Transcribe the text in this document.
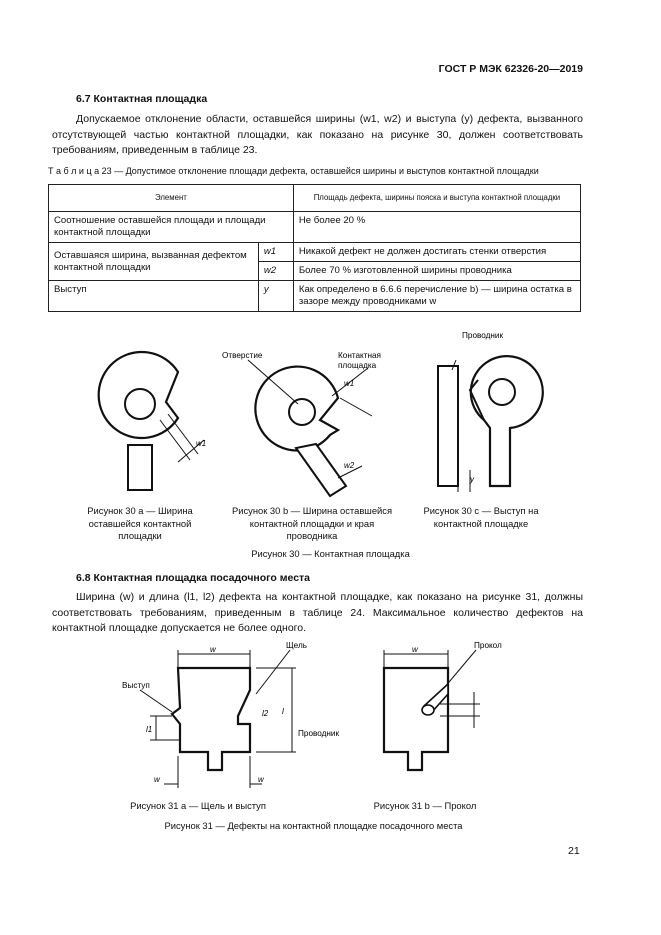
ГОСТ Р МЭК 62326-20—2019
6.7 Контактная площадка
Допускаемое отклонение области, оставшейся ширины (w1, w2) и выступа (y) дефекта, вызванного отсутствующей частью контактной площадки, как показано на рисунке 30, должен соответствовать требованиям, приведенным в таблице 23.
Т а б л и ц а 23 — Допустимое отклонение площади дефекта, оставшейся ширины и выступов контактной площадки
Элемент		Площадь дефекта, ширины пояска и выступа контактной площадки
Соотношение оставшейся площади и площади контактной площадки		Не более 20 %
Оставшаяся ширина, вызванная дефектом контактной площадки	w1	Никакой дефект не должен достигать стенки отверстия
	w2	Более 70 % изготовленной ширины проводника
Выступ	y	Как определено в 6.6.6 перечисление b) — ширина остатка в зазоре между проводниками w
w1
Отверстие	Контактная
площадка
w1
w2
Проводник
y
Рисунок 30 a — Ширина оставшейся контактной площадки
Рисунок 30 b — Ширина оставшейся контактной площадки и края проводника
Рисунок 30 c — Выступ на контактной площадке
Рисунок 30 — Контактная площадка
6.8 Контактная площадка посадочного места
Ширина (w) и длина (l1, l2) дефекта на контактной площадке, как показано на рисунке 31, должны соответствовать требованиям, приведенным в таблице 24. Максимальное количество дефектов на контактной площадке допускается не более одного.
w	Щель
Выступ
Проводник
l
l1
l2
w	w
w	Прокол
Рисунок 31 a — Щель и выступ	Рисунок 31 b — Прокол
Рисунок 31 — Дефекты на контактной площадке посадочного места
21
